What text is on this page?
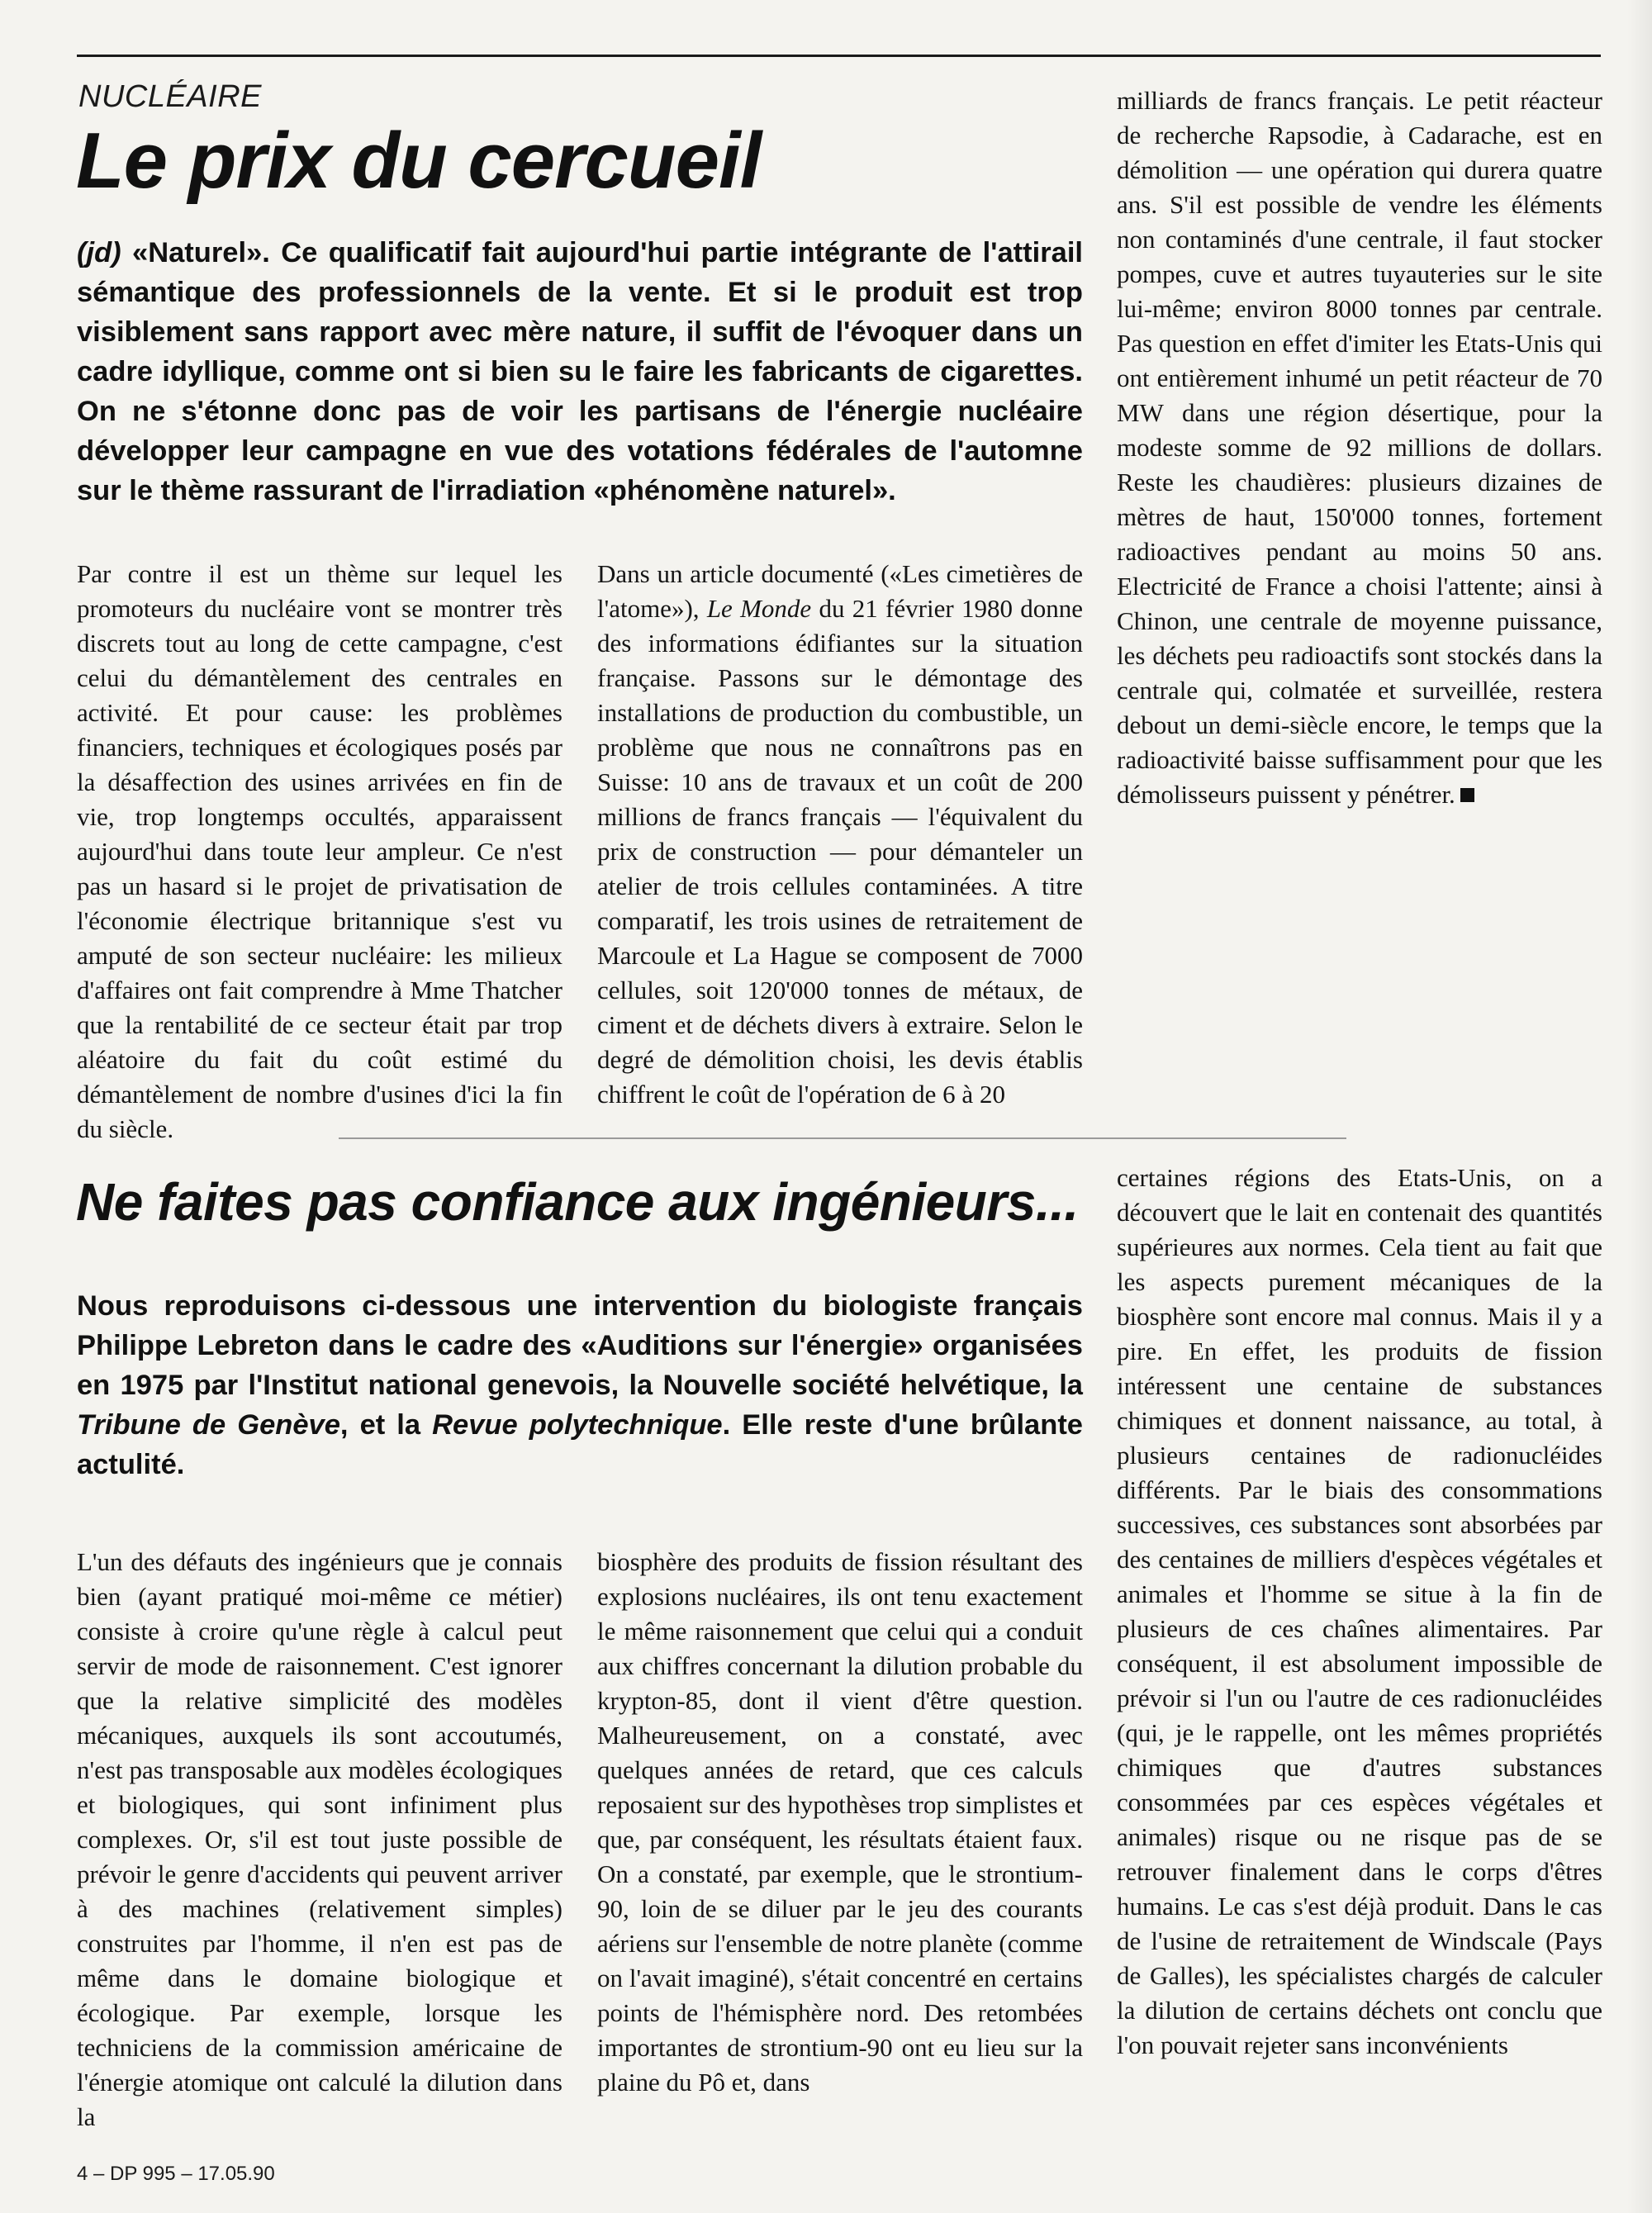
NUCLÉAIRE
Le prix du cercueil
(jd) «Naturel». Ce qualificatif fait aujourd'hui partie intégrante de l'attirail sémantique des professionnels de la vente. Et si le produit est trop visiblement sans rapport avec mère nature, il suffit de l'évoquer dans un cadre idyllique, comme ont si bien su le faire les fabricants de cigarettes. On ne s'étonne donc pas de voir les partisans de l'énergie nucléaire développer leur campagne en vue des votations fédérales de l'automne sur le thème rassurant de l'irradiation «phénomène naturel».

Par contre il est un thème sur lequel les promoteurs du nucléaire vont se montrer très discrets tout au long de cette campagne, c'est celui du démantèlement des centrales en activité. Et pour cause: les problèmes financiers, techniques et écologiques posés par la désaffection des usines arrivées en fin de vie, trop longtemps occultés, apparaissent aujourd'hui dans toute leur ampleur. Ce n'est pas un hasard si le projet de privatisation de l'économie électrique britannique s'est vu amputé de son secteur nucléaire: les milieux d'affaires ont fait comprendre à Mme Thatcher que la rentabilité de ce secteur était par trop aléatoire du fait du coût estimé du démantèlement de nombre d'usines d'ici la fin du siècle.

Dans un article documenté («Les cimetières de l'atome»), Le Monde du 21 février 1980 donne des informations édifiantes sur la situation française. Passons sur le démontage des installations de production du combustible, un problème que nous ne connaîtrons pas en Suisse: 10 ans de travaux et un coût de 200 millions de francs français — l'équivalent du prix de construction — pour démanteler un atelier de trois cellules contaminées. A titre comparatif, les trois usines de retraitement de Marcoule et La Hague se composent de 7000 cellules, soit 120'000 tonnes de métaux, de ciment et de déchets divers à extraire. Selon le degré de démolition choisi, les devis établis chiffrent le coût de l'opération de 6 à 20

milliards de francs français. Le petit réacteur de recherche Rapsodie, à Cadarache, est en démolition — une opération qui durera quatre ans. S'il est possible de vendre les éléments non contaminés d'une centrale, il faut stocker pompes, cuve et autres tuyauteries sur le site lui-même; environ 8000 tonnes par centrale. Pas question en effet d'imiter les Etats-Unis qui ont entièrement inhumé un petit réacteur de 70 MW dans une région désertique, pour la modeste somme de 92 millions de dollars. Reste les chaudières: plusieurs dizaines de mètres de haut, 150'000 tonnes, fortement radioactives pendant au moins 50 ans. Electricité de France a choisi l'attente; ainsi à Chinon, une centrale de moyenne puissance, les déchets peu radioactifs sont stockés dans la centrale qui, colmatée et surveillée, restera debout un demi-siècle encore, le temps que la radioactivité baisse suffisamment pour que les démolisseurs puissent y pénétrer.

Ne faites pas confiance aux ingénieurs...
Nous reproduisons ci-dessous une intervention du biologiste français Philippe Lebreton dans le cadre des «Auditions sur l'énergie» organisées en 1975 par l'Institut national genevois, la Nouvelle société helvétique, la Tribune de Genève, et la Revue polytechnique. Elle reste d'une brûlante actulité.

L'un des défauts des ingénieurs que je connais bien (ayant pratiqué moi-même ce métier) consiste à croire qu'une règle à calcul peut servir de mode de raisonnement. C'est ignorer que la relative simplicité des modèles mécaniques, auxquels ils sont accoutumés, n'est pas transposable aux modèles écologiques et biologiques, qui sont infiniment plus complexes. Or, s'il est tout juste possible de prévoir le genre d'accidents qui peuvent arriver à des machines (relativement simples) construites par l'homme, il n'en est pas de même dans le domaine biologique et écologique. Par exemple, lorsque les techniciens de la commission américaine de l'énergie atomique ont calculé la dilution dans la

biosphère des produits de fission résultant des explosions nucléaires, ils ont tenu exactement le même raisonnement que celui qui a conduit aux chiffres concernant la dilution probable du krypton-85, dont il vient d'être question. Malheureusement, on a constaté, avec quelques années de retard, que ces calculs reposaient sur des hypothèses trop simplistes et que, par conséquent, les résultats étaient faux. On a constaté, par exemple, que le strontium-90, loin de se diluer par le jeu des courants aériens sur l'ensemble de notre planète (comme on l'avait imaginé), s'était concentré en certains points de l'hémisphère nord. Des retombées importantes de strontium-90 ont eu lieu sur la plaine du Pô et, dans

certaines régions des Etats-Unis, on a découvert que le lait en contenait des quantités supérieures aux normes. Cela tient au fait que les aspects purement mécaniques de la biosphère sont encore mal connus. Mais il y a pire. En effet, les produits de fission intéressent une centaine de substances chimiques et donnent naissance, au total, à plusieurs centaines de radionucléides différents. Par le biais des consommations successives, ces substances sont absorbées par des centaines de milliers d'espèces végétales et animales et l'homme se situe à la fin de plusieurs de ces chaînes alimentaires. Par conséquent, il est absolument impossible de prévoir si l'un ou l'autre de ces radionucléides (qui, je le rappelle, ont les mêmes propriétés chimiques que d'autres substances consommées par ces espèces végétales et animales) risque ou ne risque pas de se retrouver finalement dans le corps d'êtres humains. Le cas s'est déjà produit. Dans le cas de l'usine de retraitement de Windscale (Pays de Galles), les spécialistes chargés de calculer la dilution de certains déchets ont conclu que l'on pouvait rejeter sans inconvénients

4 – DP 995 – 17.05.90
